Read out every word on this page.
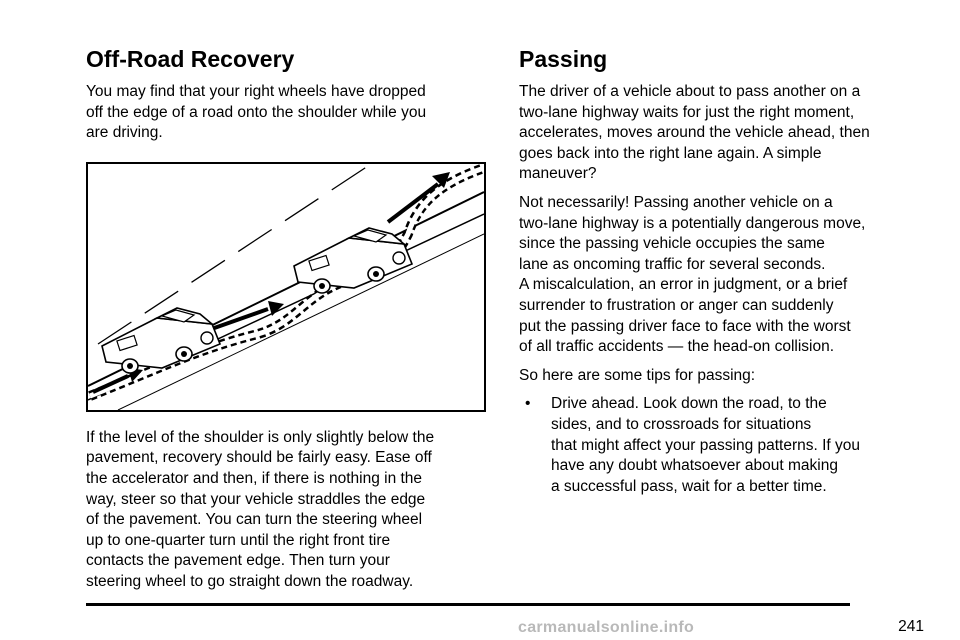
Off-Road Recovery

You may find that your right wheels have dropped
off the edge of a road onto the shoulder while you
are driving.

If the level of the shoulder is only slightly below the
pavement, recovery should be fairly easy. Ease off
the accelerator and then, if there is nothing in the
way, steer so that your vehicle straddles the edge
of the pavement. You can turn the steering wheel
up to one-quarter turn until the right front tire
contacts the pavement edge. Then turn your
steering wheel to go straight down the roadway.

Passing

The driver of a vehicle about to pass another on a
two-lane highway waits for just the right moment,
accelerates, moves around the vehicle ahead, then
goes back into the right lane again. A simple
maneuver?

Not necessarily! Passing another vehicle on a
two-lane highway is a potentially dangerous move,
since the passing vehicle occupies the same
lane as oncoming traffic for several seconds.
A miscalculation, an error in judgment, or a brief
surrender to frustration or anger can suddenly
put the passing driver face to face with the worst
of all traffic accidents — the head-on collision.

So here are some tips for passing:

• Drive ahead. Look down the road, to the
sides, and to crossroads for situations
that might affect your passing patterns. If you
have any doubt whatsoever about making
a successful pass, wait for a better time.

carmanualsonline.info	241
